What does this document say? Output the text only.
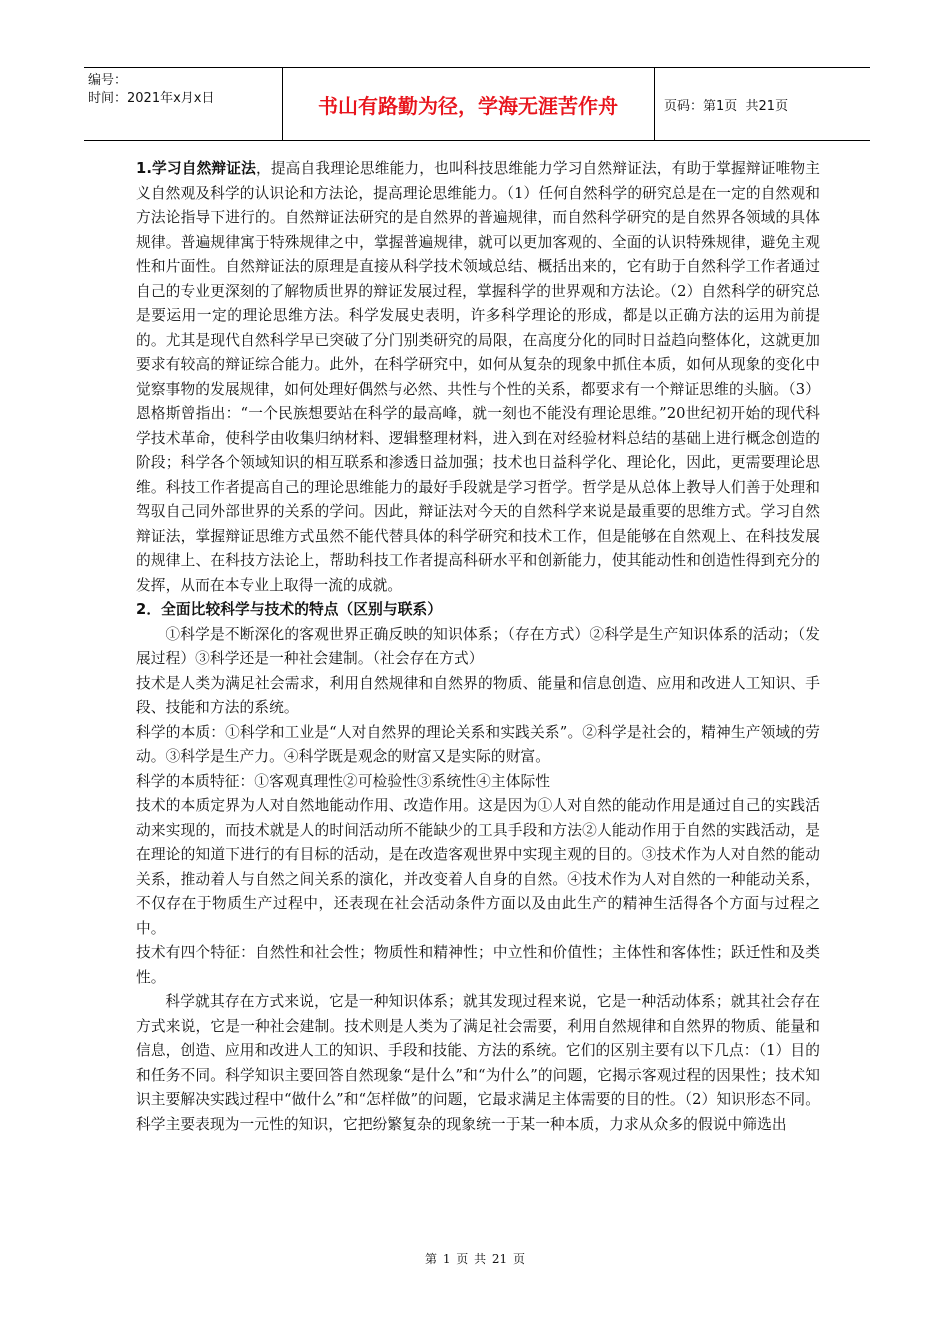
编号：
时间：2021年x月x日	书山有路勤为径，学海无涯苦作舟	页码：第1页  共21页

1.学习自然辩证法，提高自我理论思维能力，也叫科技思维能力学习自然辩证法，有助于掌握辩证唯物主义自然观及科学的认识论和方法论，提高理论思维能力。（1）任何自然科学的研究总是在一定的自然观和方法论指导下进行的。自然辩证法研究的是自然界的普遍规律，而自然科学研究的是自然界各领域的具体规律。普遍规律寓于特殊规律之中，掌握普遍规律，就可以更加客观的、全面的认识特殊规律，避免主观性和片面性。自然辩证法的原理是直接从科学技术领域总结、概括出来的，它有助于自然科学工作者通过自己的专业更深刻的了解物质世界的辩证发展过程，掌握科学的世界观和方法论。（2）自然科学的研究总是要运用一定的理论思维方法。科学发展史表明，许多科学理论的形成，都是以正确方法的运用为前提的。尤其是现代自然科学早已突破了分门别类研究的局限，在高度分化的同时日益趋向整体化，这就更加要求有较高的辩证综合能力。此外，在科学研究中，如何从复杂的现象中抓住本质，如何从现象的变化中觉察事物的发展规律，如何处理好偶然与必然、共性与个性的关系，都要求有一个辩证思维的头脑。（3）恩格斯曾指出：“一个民族想要站在科学的最高峰，就一刻也不能没有理论思维。”20世纪初开始的现代科学技术革命，使科学由收集归纳材料、逻辑整理材料，进入到在对经验材料总结的基础上进行概念创造的阶段；科学各个领域知识的相互联系和渗透日益加强；技术也日益科学化、理论化，因此，更需要理论思维。科技工作者提高自己的理论思维能力的最好手段就是学习哲学。哲学是从总体上教导人们善于处理和驾驭自己同外部世界的关系的学问。因此，辩证法对今天的自然科学来说是最重要的思维方式。学习自然辩证法，掌握辩证思维方式虽然不能代替具体的科学研究和技术工作，但是能够在自然观上、在科技发展的规律上、在科技方法论上，帮助科技工作者提高科研水平和创新能力，使其能动性和创造性得到充分的发挥，从而在本专业上取得一流的成就。

2．全面比较科学与技术的特点（区别与联系）

①科学是不断深化的客观世界正确反映的知识体系；（存在方式）②科学是生产知识体系的活动；（发展过程）③科学还是一种社会建制。（社会存在方式）

技术是人类为满足社会需求，利用自然规律和自然界的物质、能量和信息创造、应用和改进人工知识、手段、技能和方法的系统。

科学的本质：①科学和工业是“人对自然界的理论关系和实践关系”。②科学是社会的，精神生产领域的劳动。③科学是生产力。④科学既是观念的财富又是实际的财富。

科学的本质特征：①客观真理性②可检验性③系统性④主体际性

技术的本质定界为人对自然地能动作用、改造作用。这是因为①人对自然的能动作用是通过自己的实践活动来实现的，而技术就是人的时间活动所不能缺少的工具手段和方法②人能动作用于自然的实践活动，是在理论的知道下进行的有目标的活动，是在改造客观世界中实现主观的目的。③技术作为人对自然的能动关系，推动着人与自然之间关系的演化，并改变着人自身的自然。④技术作为人对自然的一种能动关系，不仅存在于物质生产过程中，还表现在社会活动条件方面以及由此生产的精神生活得各个方面与过程之中。

技术有四个特征：自然性和社会性；物质性和精神性；中立性和价值性；主体性和客体性；跃迁性和及类性。

科学就其存在方式来说，它是一种知识体系；就其发现过程来说，它是一种活动体系；就其社会存在方式来说，它是一种社会建制。技术则是人类为了满足社会需要，利用自然规律和自然界的物质、能量和信息，创造、应用和改进人工的知识、手段和技能、方法的系统。它们的区别主要有以下几点：（1）目的和任务不同。科学知识主要回答自然现象“是什么”和“为什么”的问题，它揭示客观过程的因果性；技术知识主要解决实践过程中“做什么”和“怎样做”的问题，它最求满足主体需要的目的性。（2）知识形态不同。科学主要表现为一元性的知识，它把纷繁复杂的现象统一于某一种本质，力求从众多的假说中筛选出

第 1 页 共 21 页
